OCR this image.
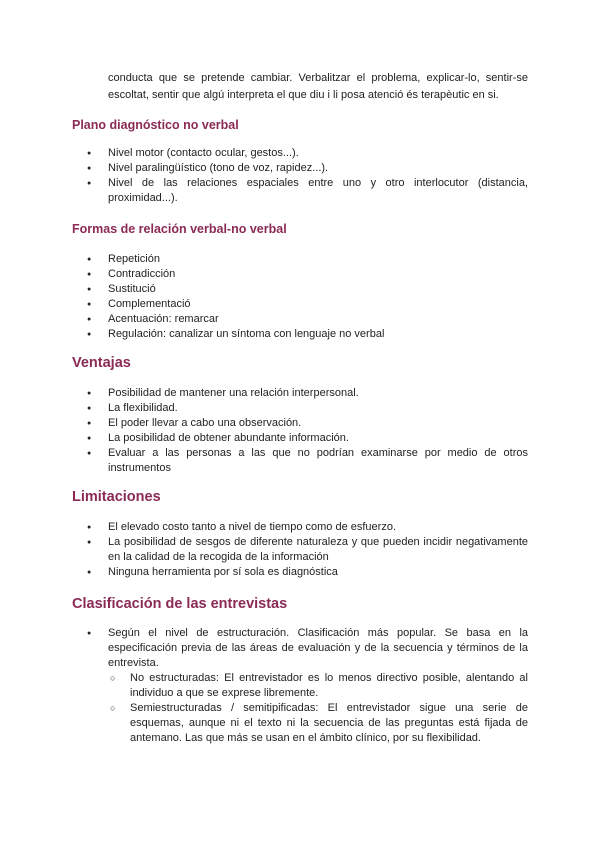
conducta que se pretende cambiar. Verbalitzar el problema, explicar-lo, sentir-se escoltat, sentir que algú interpreta el que diu i li posa atenció és terapèutic en si.

Plano diagnóstico no verbal
● Nivel motor (contacto ocular, gestos...).
● Nivel paralingüístico (tono de voz, rapidez...).
● Nivel de las relaciones espaciales entre uno y otro interlocutor (distancia, proximidad...).
Formas de relación verbal-no verbal
● Repetición
● Contradicción
● Sustitució
● Complementació
● Acentuación: remarcar
● Regulación: canalizar un síntoma con lenguaje no verbal
Ventajas
● Posibilidad de mantener una relación interpersonal.
● La flexibilidad.
● El poder llevar a cabo una observación.
● La posibilidad de obtener abundante información.
● Evaluar a las personas a las que no podrían examinarse por medio de otros instrumentos
Limitaciones
● El elevado costo tanto a nivel de tiempo como de esfuerzo.
● La posibilidad de sesgos de diferente naturaleza y que pueden incidir negativamente en la calidad de la recogida de la información
● Ninguna herramienta por sí sola es diagnóstica
Clasificación de las entrevistas
● Según el nivel de estructuración. Clasificación más popular. Se basa en la especificación previa de las áreas de evaluación y de la secuencia y términos de la entrevista.
○ No estructuradas: El entrevistador es lo menos directivo posible, alentando al individuo a que se exprese libremente.
○ Semiestructuradas / semitipificadas: El entrevistador sigue una serie de esquemas, aunque ni el texto ni la secuencia de las preguntas está fijada de antemano. Las que más se usan en el ámbito clínico, por su flexibilidad.
